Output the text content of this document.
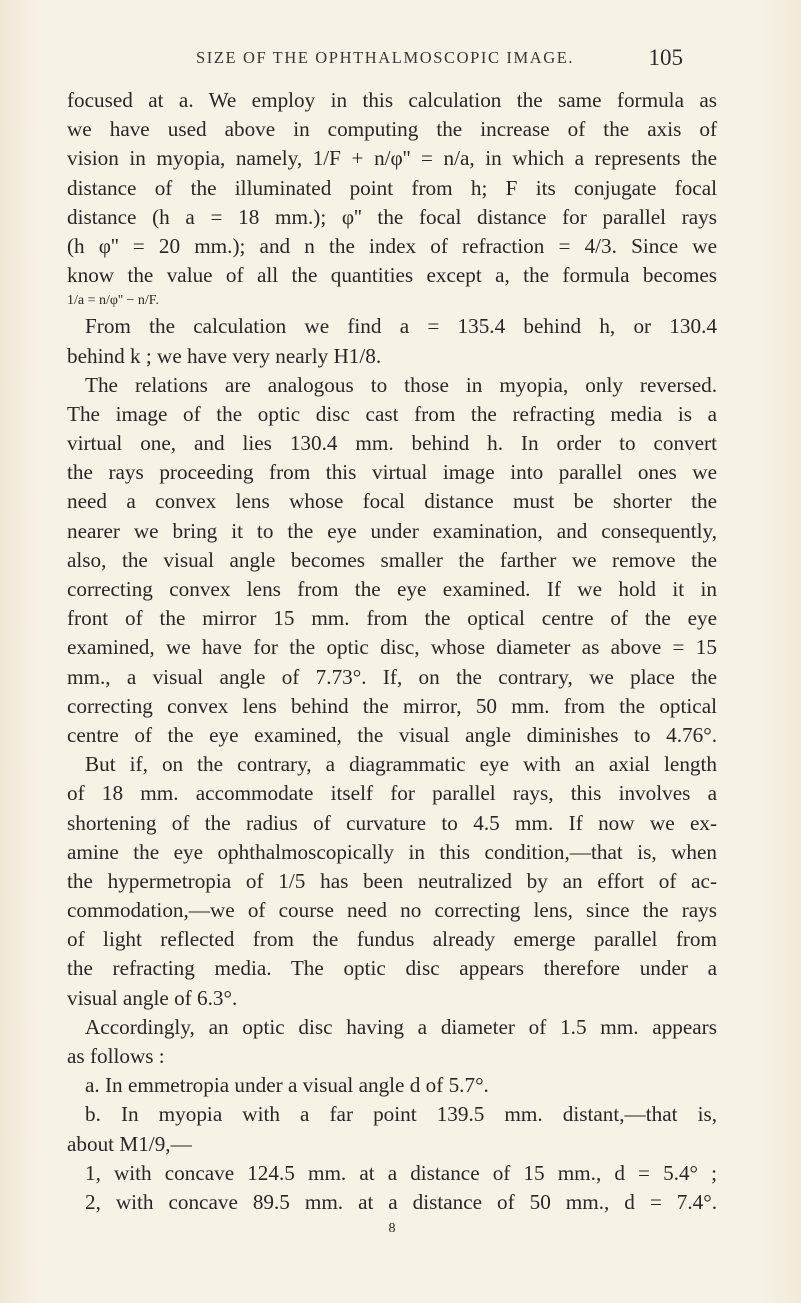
SIZE OF THE OPHTHALMOSCOPIC IMAGE.	105
focused at a. We employ in this calculation the same formula as
we have used above in computing the increase of the axis of
vision in myopia, namely, 1/F + n/φ'' = n/a, in which a represents the
distance of the illuminated point from h; F its conjugate focal
distance (h a = 18 mm.); φ'' the focal distance for parallel rays
(h φ'' = 20 mm.); and n the index of refraction = 4/3. Since we
know the value of all the quantities except a, the formula becomes
1/a = n/φ'' − n/F.
From the calculation we find a = 135.4 behind h, or 130.4
behind k ; we have very nearly H1/8.
The relations are analogous to those in myopia, only reversed.
The image of the optic disc cast from the refracting media is a
virtual one, and lies 130.4 mm. behind h. In order to convert
the rays proceeding from this virtual image into parallel ones we
need a convex lens whose focal distance must be shorter the
nearer we bring it to the eye under examination, and consequently,
also, the visual angle becomes smaller the farther we remove the
correcting convex lens from the eye examined. If we hold it in
front of the mirror 15 mm. from the optical centre of the eye
examined, we have for the optic disc, whose diameter as above = 15
mm., a visual angle of 7.73°. If, on the contrary, we place the
correcting convex lens behind the mirror, 50 mm. from the optical
centre of the eye examined, the visual angle diminishes to 4.76°.
But if, on the contrary, a diagrammatic eye with an axial length
of 18 mm. accommodate itself for parallel rays, this involves a
shortening of the radius of curvature to 4.5 mm. If now we ex-
amine the eye ophthalmoscopically in this condition,—that is, when
the hypermetropia of 1/5 has been neutralized by an effort of ac-
commodation,—we of course need no correcting lens, since the rays
of light reflected from the fundus already emerge parallel from
the refracting media. The optic disc appears therefore under a
visual angle of 6.3°.
Accordingly, an optic disc having a diameter of 1.5 mm. appears
as follows :
a. In emmetropia under a visual angle d of 5.7°.
b. In myopia with a far point 139.5 mm. distant,—that is,
about M1/9,—
1, with concave 124.5 mm. at a distance of 15 mm., d = 5.4° ;
2, with concave 89.5 mm. at a distance of 50 mm., d = 7.4°.
8
